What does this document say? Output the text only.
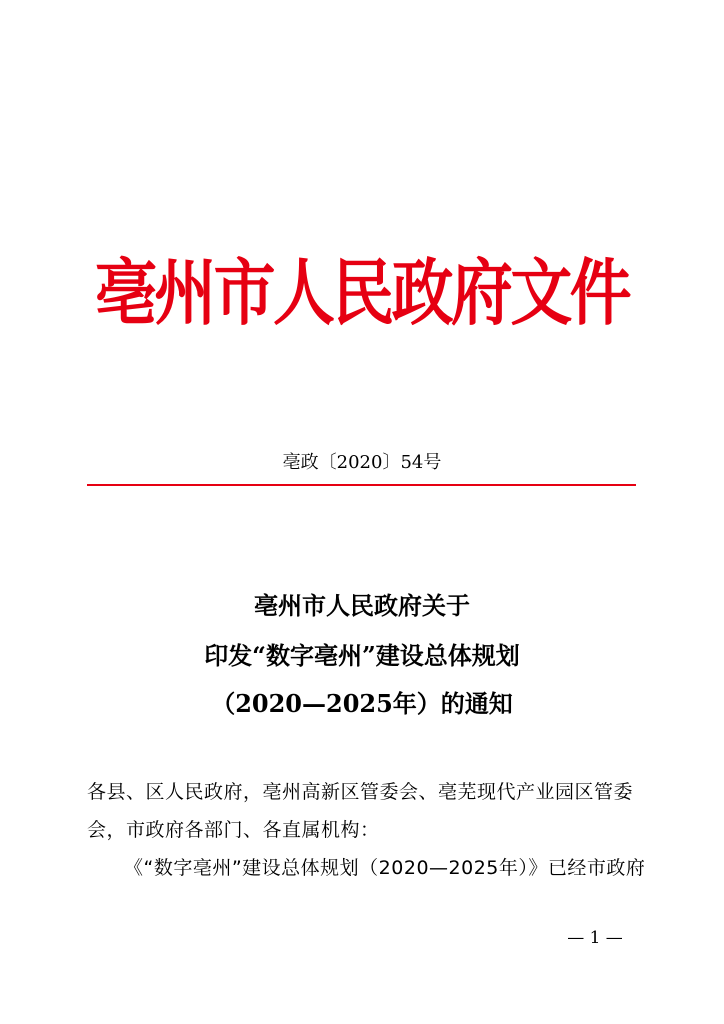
亳州市人民政府文件
亳政〔2020〕54号
亳州市人民政府关于
印发“数字亳州”建设总体规划
（2020—2025年）的通知
各县、区人民政府，亳州高新区管委会、亳芜现代产业园区管委
会，市政府各部门、各直属机构：
《“数字亳州”建设总体规划（2020—2025年）》已经市政府
— 1 —
